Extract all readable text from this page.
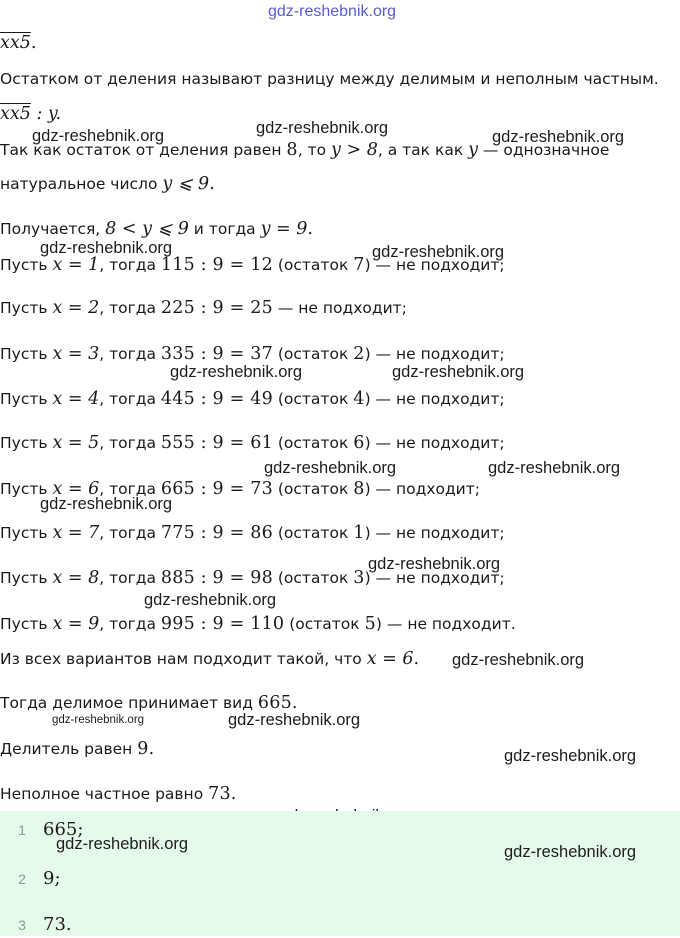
gdz-reshebnik.org
gdz-reshebnik.org	gdz-reshebnik.org	gdz-reshebnik.org
gdz-reshebnik.org	gdz-reshebnik.org
gdz-reshebnik.org	gdz-reshebnik.org
gdz-reshebnik.org	gdz-reshebnik.org
gdz-reshebnik.org
gdz-reshebnik.org
gdz-reshebnik.org
gdz-reshebnik.org
gdz-reshebnik.org	gdz-reshebnik.org
gdz-reshebnik.org
xx5.
Остатком от деления называют разницу между делимым и неполным частным.
xx5 : y.
Так как остаток от деления равен 8, то y > 8, а так как y — однозначное
натуральное число y ⩽ 9.
Получается, 8 < y ⩽ 9 и тогда y = 9.
Пусть x = 1, тогда 115 : 9 = 12 (остаток 7) — не подходит;
Пусть x = 2, тогда 225 : 9 = 25 — не подходит;
Пусть x = 3, тогда 335 : 9 = 37 (остаток 2) — не подходит;
Пусть x = 4, тогда 445 : 9 = 49 (остаток 4) — не подходит;
Пусть x = 5, тогда 555 : 9 = 61 (остаток 6) — не подходит;
Пусть x = 6, тогда 665 : 9 = 73 (остаток 8) — подходит;
Пусть x = 7, тогда 775 : 9 = 86 (остаток 1) — не подходит;
Пусть x = 8, тогда 885 : 9 = 98 (остаток 3) — не подходит;
Пусть x = 9, тогда 995 : 9 = 110 (остаток 5) — не подходит.
Из всех вариантов нам подходит такой, что x = 6.
Тогда делимое принимает вид 665.
Делитель равен 9.
Неполное частное равно 73.
1 665;
2 9;
3 73.
gdz-reshebnik.org	gdz-reshebnik.org
